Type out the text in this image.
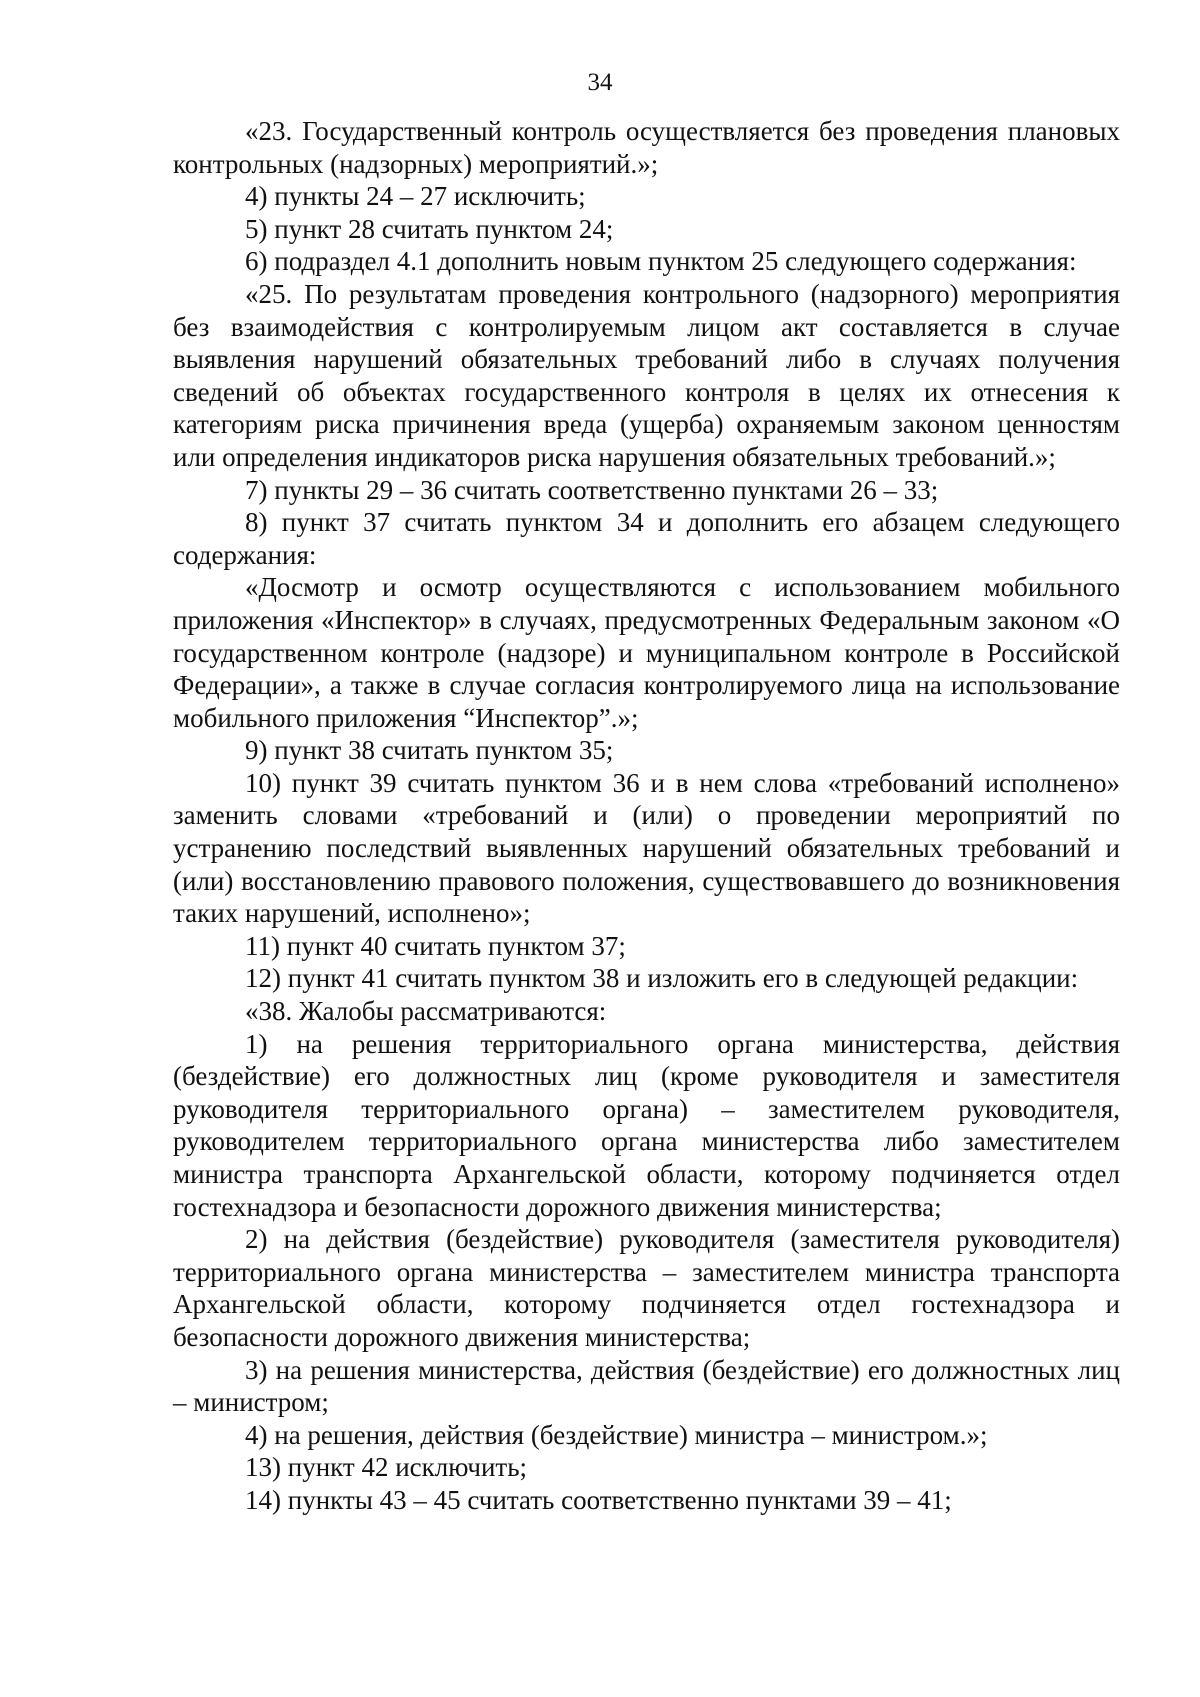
34

«23. Государственный контроль осуществляется без проведения плановых контрольных (надзорных) мероприятий.»;

4) пункты 24 – 27 исключить;

5) пункт 28 считать пунктом 24;

6) подраздел 4.1 дополнить новым пунктом 25 следующего содержания:

«25. По результатам проведения контрольного (надзорного) мероприятия без взаимодействия с контролируемым лицом акт составляется в случае выявления нарушений обязательных требований либо в случаях получения сведений об объектах государственного контроля в целях их отнесения к категориям риска причинения вреда (ущерба) охраняемым законом ценностям или определения индикаторов риска нарушения обязательных требований.»;

7) пункты 29 – 36 считать соответственно пунктами 26 – 33;

8) пункт 37 считать пунктом 34 и дополнить его абзацем следующего содержания:

«Досмотр и осмотр осуществляются с использованием мобильного приложения «Инспектор» в случаях, предусмотренных Федеральным законом «О государственном контроле (надзоре) и муниципальном контроле в Российской Федерации», а также в случае согласия контролируемого лица на использование мобильного приложения “Инспектор”.»;

9) пункт 38 считать пунктом 35;

10) пункт 39 считать пунктом 36 и в нем слова «требований исполнено» заменить словами «требований и (или) о проведении мероприятий по устранению последствий выявленных нарушений обязательных требований и (или) восстановлению правового положения, существовавшего до возникновения таких нарушений, исполнено»;

11) пункт 40 считать пунктом 37;

12) пункт 41 считать пунктом 38 и изложить его в следующей редакции:

«38. Жалобы рассматриваются:

1) на решения территориального органа министерства, действия (бездействие) его должностных лиц (кроме руководителя и заместителя руководителя территориального органа) – заместителем руководителя, руководителем территориального органа министерства либо заместителем министра транспорта Архангельской области, которому подчиняется отдел гостехнадзора и безопасности дорожного движения министерства;

2) на действия (бездействие) руководителя (заместителя руководителя) территориального органа министерства – заместителем министра транспорта Архангельской области, которому подчиняется отдел гостехнадзора и безопасности дорожного движения министерства;

3) на решения министерства, действия (бездействие) его должностных лиц – министром;

4) на решения, действия (бездействие) министра – министром.»;

13) пункт 42 исключить;

14) пункты 43 – 45 считать соответственно пунктами 39 – 41;
